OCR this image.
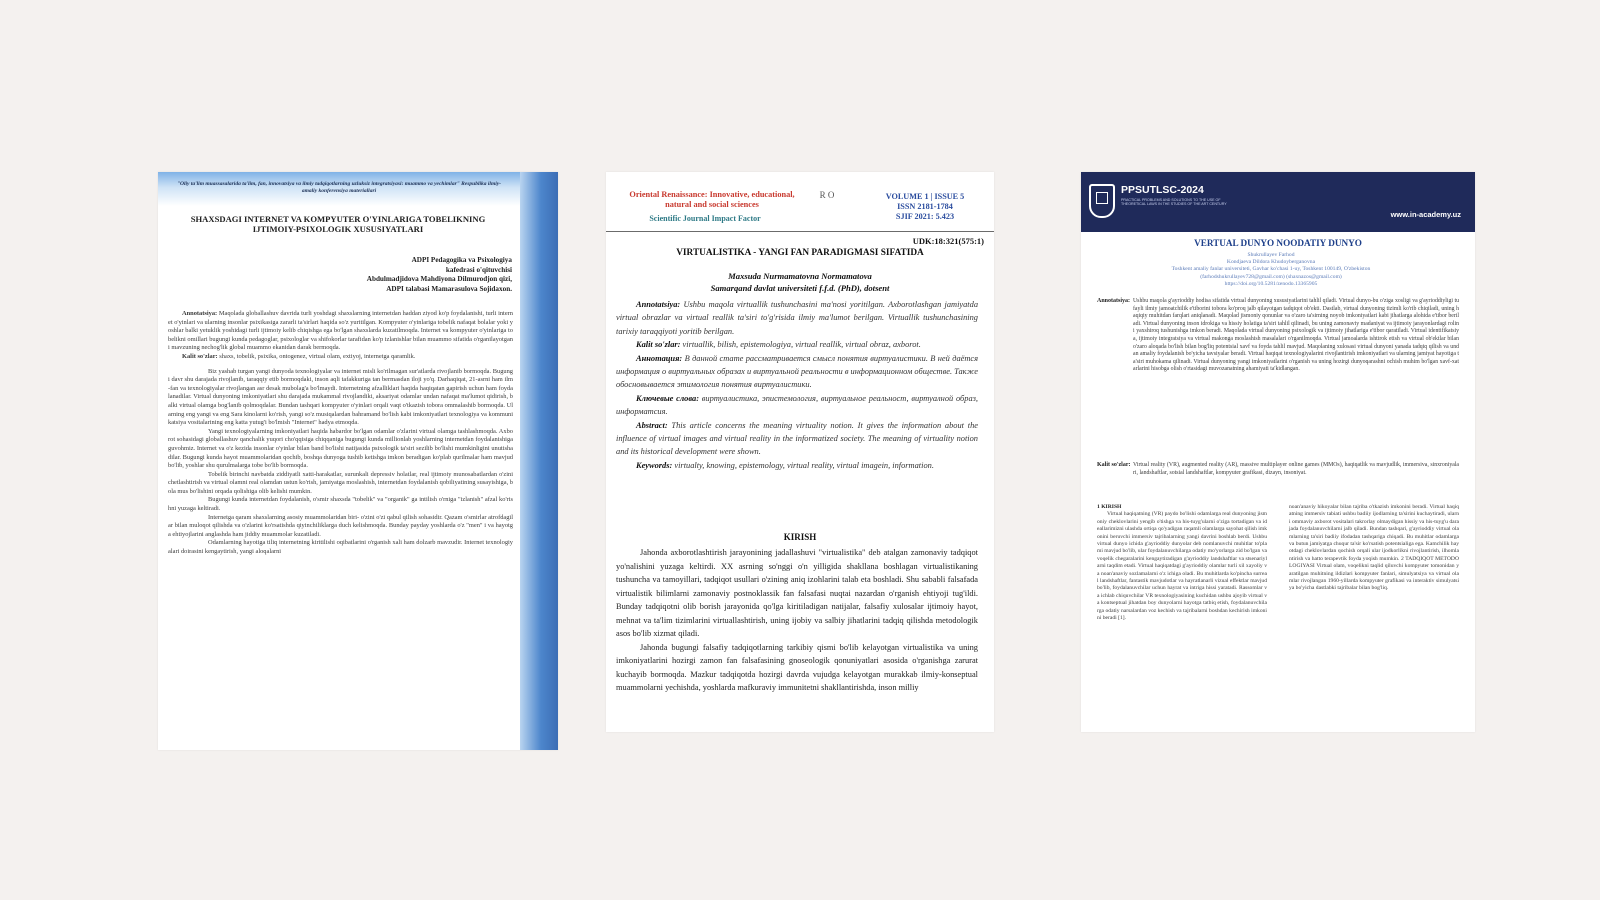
"Oliy ta'lim muassasalarida ta'lim, fan, innovatsiya va ilmiy tadqiqotlarning uzluksiz integratsiyasi: muammo va yechimlar" Respublika ilmiy-amaliy konferensiya materiallari
SHAXSDAGI INTERNET VA KOMPYUTER O'YINLARIGA TOBELIKNING IJTIMOIY-PSIXOLOGIK XUSUSIYATLARI
ADPI Pedagogika va Psixologiya
kafedrasi o'qituvchisi
Abdulmadjidova Mahdiyona Dilmurodjon qizi,
ADPI talabasi Mamarasulova Sojidaxon.
Annotatsiya: Maqolada globallashuv davrida turli yoshdagi shaxslarning internetdan haddan ziyod ko'p foydalanishi, turli internet o'yinlari va ularning insonlar psixikasiga zararli ta'sirlari haqida so'z yuritilgan. Kompyuter o'yinlariga tobelik nafaqat bolalar yoki yoshlar balki yetuklik yoshidagi turli ijtimoiy kelib chiqishga ega bo'lgan shaxslarda kuzatilmoqda. Internet va kompyuter o'yinlariga tobelikni omillari bugungi kunda pedagoglar, psixologlar va shifokorlar tarafidan ko'p izlanishlar bilan muammo sifatida o'rganilayotgani mavzuning nechog'lik global muammo ekanidan darak bermoqda.
Kalit so'zlar: shaxs, tobelik, psixika, ontogenez, virtual olam, extiyoj, internetga qaramlik.
Biz yashab turgan yangi dunyoda texnologiyalar va internet misli ko'rilmagan sur'atlarda rivojlanib bormoqda. Bugungi davr shu darajada rivojlanib, taraqqiy etib bormoqdaki, inson aqli tafakkuriga tan bermasdan iloji yo'q. Darhaqiqat, 21-asrni ham ilm-fan va texnologiyalar rivojlangan asr desak mubolag'a bo'lmaydi. Internetning afzalliklari haqida haqiqatan gapirish uchun ham foydalanadilar. Virtual dunyoning imkoniyatlari shu darajada mukammal rivojlandiki, aksariyat odamlar undan nafaqat ma'lumot qidirish, balki virtual olamga bog'lanib qolmoqdalar. Bundan tashqari kompyuter o'yinlari orqali vaqt o'tkazish tobora ommalashib bormoqda. Ularning eng yangi va eng Sara kinolarni ko'rish, yangi so'z musiqalardan bahramand bo'lish kabi imkoniyatlari texnologiya va kommunikatsiya vositalarining eng katta yutug'i bo'lmish "Internet" hadya etmoqda.
Yangi texnologiyalarning imkoniyatlari haqida habardor bo'lgan odamlar o'zlarini virtual olamga tashlashmoqda. Axborot sohasidagi globallashuv qanchalik yuqori cho'qqisiga chiqqaniga bugungi kunda millionlab yoshlarning internetdan foydalanishiga guvohmiz. Internet va o'z kezida insonlar o'yinlar bilan band bo'lishi natijasida psixologik ta'siri sezilib bo'lishi mumkinligini unutishadilar. Bugungi kunda hayot muammolaridan qochib, boshqa dunyoga tushib ketishga imkon beradigan ko'plab qurilmalar ham mavjud bo'lib, yoshlar shu qurulmalarga tobe bo'lib bormoqda.
Tobelik birinchi navbatda ziddiyatli xatti-harakatlar, surunkali depressiv holatlar, real ijtimoiy munosabatlardan o'zini chetlashtirish va virtual olamni real olamdan ustun ko'rish, jamiyatga moslashish, internetdan foydalanish qobiliyatining susayishiga, bola mus bo'lishini orqada qolishiga olib kelishi mumkin.
Bugungi kunda internetdan foydalanish, o'smir shaxsda "tobelik" va "organik" ga intilish o'rniga "izlanish" afzal ko'rishni yuzaga keltiradi.
Internetga qaram shaxslarning asosiy muammolaridan biri- o'zini o'zi qabul qilish sohasidir. Qazam o'smirlar atrofdagilar bilan muloqot qilishda va o'zlarini ko'rsatishda qiyinchiliklarga duch kelishmoqda. Bunday payday yoshlarda o'z "men" i va hayotga ehtiyojlarini anglashda ham jiddiy muammolar kuzatiladi.
Odamlarning hayotiga tiliq internetning kiritilishi oqibatlarini o'rganish xali ham dolzarb mavzudir. Internet texnologiyalari doirasini kengaytirish, yangi aloqalarni
Oriental Renaissance: Innovative, educational, natural and social sciences
Scientific Journal Impact Factor
R O	VOLUME 1 | ISSUE 5
ISSN 2181-1784
SJIF 2021: 5.423
UDK:18:321(575:1)
VIRTUALISTIKA - YANGI FAN PARADIGMASI SIFATIDA
Maxsuda Nurmamatovna Normamatova
Samarqand davlat universiteti f.f.d. (PhD), dotsent
Annotatsiya: Ushbu maqola virtuallik tushunchasini ma'nosi yoritilgan. Axborotlashgan jamiyatda virtual obrazlar va virtual reallik ta'siri to'g'risida ilmiy ma'lumot berilgan. Virtuallik tushunchasining tarixiy taraqqiyoti yoritib berilgan.
Kalit so'zlar: virtuallik, bilish, epistemologiya, virtual reallik, virtual obraz, axborot.
Аннотация: В данной стате рассматривается смысл понятия виртуалистики. В ней даётся информация о виртуальных образах и виртуальной реальности в информационном обществе. Также обосновывается этимология понятия виртуалистики.
Ключевые слова: виртуалистика, эпистемология, виртуальное реальност, виртуалной образ, информатсия.
Abstract: This article concerns the meaning virtuality notion. It gives the information about the influence of virtual images and virtual reality in the informatized society. The meaning of virtuality notion and its historical development were shown.
Keywords: virtualty, knowing, epistemology, virtual reality, virtual imagein, information.
KIRISH
Jahonda axborotlashtirish jarayonining jadallashuvi "virtualistika" deb atalgan zamonaviy tadqiqot yo'nalishini yuzaga keltirdi. XX asrning so'nggi o'n yilligida shakllana boshlagan virtualistikaning tushuncha va tamoyillari, tadqiqot usullari o'zining aniq izohlarini talab eta boshladi. Shu sababli falsafada virtualistik bilimlarni zamonaviy postnoklassik fan falsafasi nuqtai nazardan o'rganish ehtiyoji tug'ildi. Bunday tadqiqotni olib borish jarayonida qo'lga kiritiladigan natijalar, falsafiy xulosalar ijtimoiy hayot, mehnat va ta'lim tizimlarini virtuallashtirish, uning ijobiy va salbiy jihatlarini tadqiq qilishda metodologik asos bo'lib xizmat qiladi.
Jahonda bugungi falsafiy tadqiqotlarning tarkibiy qismi bo'lib kelayotgan virtualistika va uning imkoniyatlarini hozirgi zamon fan falsafasining gnoseologik qonuniyatlari asosida o'rganishga zarurat kuchayib bormoqda. Mazkur tadqiqotda hozirgi davrda vujudga kelayotgan murakkab ilmiy-konseptual muammolarni yechishda, yoshlarda mafkuraviy immunitetni shakllantirishda, inson milliy
PPSUTLSC-2024
PRACTICAL PROBLEMS AND SOLUTIONS TO THE USE OF THEORETICAL LAWS IN THE STUDIES OF THE ART CENTURY
www.in-academy.uz
VERTUAL DUNYO NOODATIY DUNYO
Shukrullayev Farhod
Kondjaeva Dildora Khudoyberganovna
Toshkent amaliy fanlar universiteti, Gavhar ko'chasi 1-uy, Toshkent 100149, O'zbekiston
(farhodshukrullayev728@gmail.com) (shaxnazos@gmail.com)
https://doi.org/10.5281/zenodo.13365905
Annotatsiya: Ushbu maqola g'ayrioddiy hodisa sifatida virtual dunyoning xususiyatlarini tahlil qiladi. Virtual dunyo-bu o'ziga xosligi va g'ayrioddiyligi tufayli ilmiy jamoatchilik e'tiborini tobora ko'proq jalb qilayotgan tadqiqot ob'ekti. Dastlab, virtual dunyoning tizimli ko'rib chiqiladi, uning haqiqiy muhitdan farqlari aniqlanadi. Maqolad jismoniy qonunlar va o'zaro ta'sirning noyob imkoniyatlari kabi jihatlarga alohida e'tibor beriladi. Virtual dunyoning inson idrokiga va hissiy holatiga ta'siri tahlil qilinadi, bu uning zamonaviy madaniyat va ijtimoiy jarayonlardagi rolini yaxshiroq tushunishga imkon beradi. Maqolada virtual dunyoning psixologik va ijtimoiy jihatlariga e'tibor qaratiladi. Virtual identifikatsiya, ijtimoiy integratsiya va virtual makonga moslashish masalalari o'rganilmoqda. Virtual jamoalarda ishtirok etish va virtual ob'ektlar bilan o'zaro aloqada bo'lish bilan bog'liq potentsial xavf va foyda tahlil mavjud. Maqolaning xulosasi virtual dunyoni yanada tadqiq qilish va undan amaliy foydalanish bo'yicha tavsiyalar beradi. Virtual haqiqat texnologiyalarini rivojlantirish imkoniyatlari va ularning jamiyat hayotiga ta'siri muhokama qilinadi. Virtual dunyoning yangi imkoniyatlarini o'rganish va uning hozirgi dunyoqarashni ochish muhim bo'lgan xavf-xatarlarini hisobga olish o'rtasidagi muvozanatning ahamiyati ta'kidlangan.
Kalit so'zlar: Virtual reality (VR), augmented reality (AR), massive multiplayer online games (MMOs), haqiqatlik va mavjudlik, immersiva, sinxroniyalari, landshaftlar, sotsial landshaftlar, kompyuter grafikasi, dizayn, insoniyat.
1 KIRISH
Virtual haqiqatning (VR) paydo bo'lishi odamlarga real dunyoning jismoniy cheklovlarini yengib o'tishga va his-tuyg'ularni o'ziga tortadigan va ideallarimizni ulashda ortiqa qo'yadigan raqamli olamlarga sayohat qilish imkonini beruvchi immersiv tajribalarning yangi davrini boshlab berdi. Ushbu virtual dunyo ichida g'ayrioddiy dunyolar deb nomlanuvchi muhitlar to'plami mavjud bo'lib, ular foydalanuvchilarga odatiy mo'yorlarga zid bo'lgan va voqelik chegaralarini kengaytiradigan g'ayrioddiy landshaftlar va stsenariylarni taqdim etadi. Virtual haqiqatdagi g'ayrioddiy olamlar turli xil xayoliy va noan'anaviy sozlamalarni o'z ichiga oladi. Bu muhitlarda ko'pincha surreal landshaftlar, fantastik mavjudotlar va hayratlanarli vizual effektlar mavjud bo'lib, foydalanuvchilar uchun hayrat va intriga hissi yaratadi. Rassomlar va ichlab chiquvchilar VR texnologiyasining kuchidan ushbu ajoyib virtual va kontseptual jihatdan boy dunyolarni hayotga tatbiq etish, foydalanuvchilarga odatiy narsalardan voz kechish va tajribalarni boshdan kechirish imkonini beradi [1].
noan'anaviy hikoyalar bilan tajriba o'tkazish imkonini beradi. Virtual haqiqatning immersiv tabiati ushbu badiiy ijodlarning ta'sirini kuchaytiradi, ularni ommaviy axborot vositalari takrorlay olmaydigan hissiy va his-tuyg'u darajada foydalanuvchilarni jalb qiladi. Bundan tashqari, g'ayrioddiy virtual olamlarning ta'siri badiiy ifodadan tashqariga chiqadi. Bu muhitlar odamlarga va butun jamiyatga chuqur ta'sir ko'rsatish potentsialiga ega. Kamchilik hayotdagi cheklovlardan qochish orqali ular ijodkorlikni rivojlantirish, ilhomlantirish va hatto terapevtik foyda yoqish mumkin. 2 TADQIQOT METODOLOGIYASI Virtual olam, voqelikni taqlid qiluvchi kompyuter tomonidan yaratilgan muhitning ildizlari kompyuter fanlari, simulyatsiya va virtual olamlar rivojlangan 1960-yillarda kompyuter grafikasi va interaktiv simulyatsiya bo'yicha dastlabki tajribalar bilan bog'liq.
